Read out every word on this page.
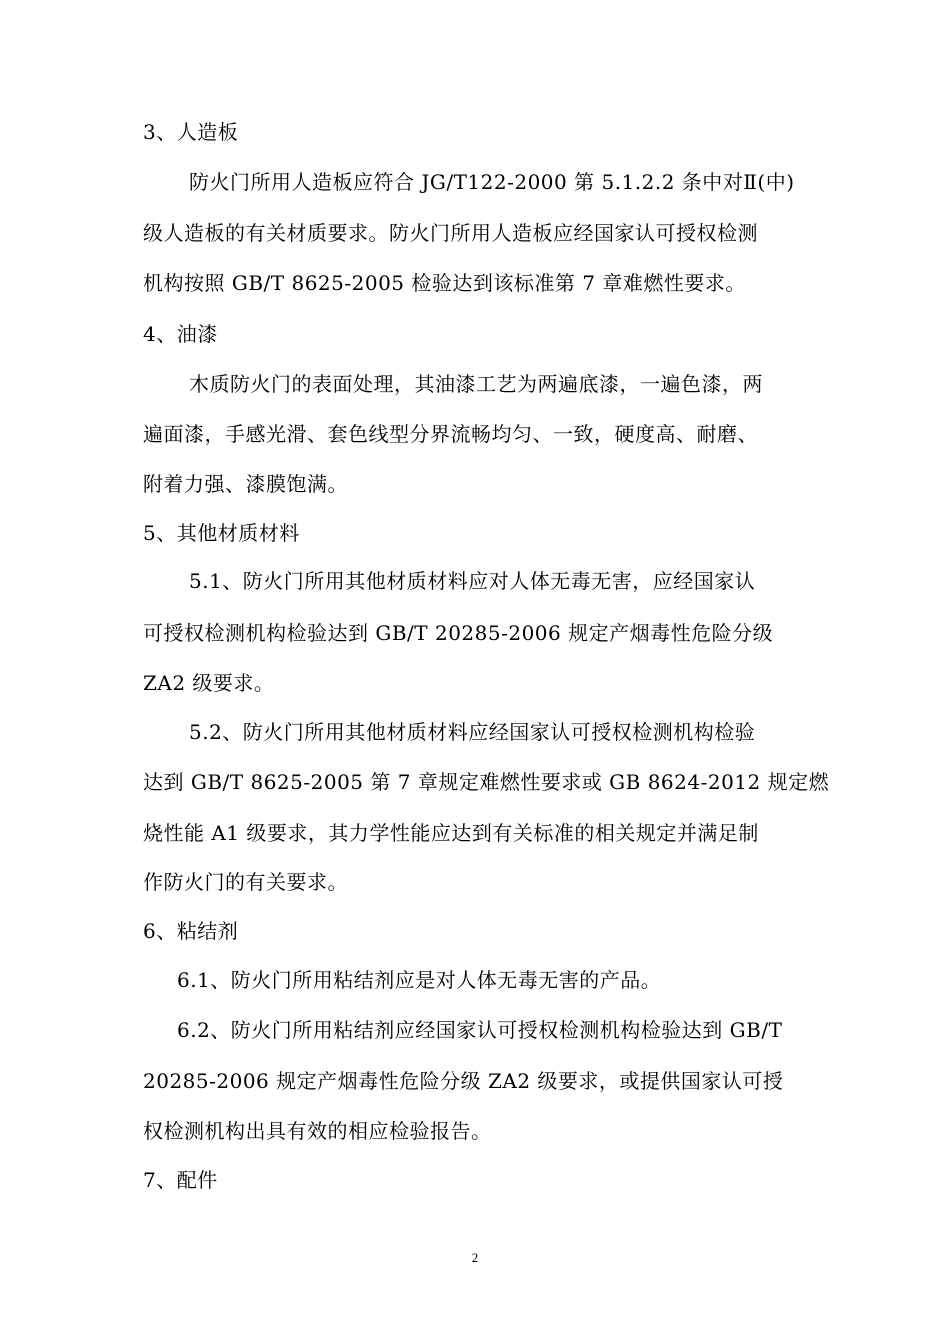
3、人造板
防火门所用人造板应符合 JG/T122-2000 第 5.1.2.2 条中对Ⅱ(中)
级人造板的有关材质要求。防火门所用人造板应经国家认可授权检测
机构按照 GB/T 8625-2005 检验达到该标准第 7 章难燃性要求。
4、油漆
木质防火门的表面处理，其油漆工艺为两遍底漆，一遍色漆，两
遍面漆，手感光滑、套色线型分界流畅均匀、一致，硬度高、耐磨、
附着力强、漆膜饱满。
5、其他材质材料
5.1、防火门所用其他材质材料应对人体无毒无害，应经国家认
可授权检测机构检验达到 GB/T 20285-2006 规定产烟毒性危险分级
ZA2 级要求。
5.2、防火门所用其他材质材料应经国家认可授权检测机构检验
达到 GB/T 8625-2005 第 7 章规定难燃性要求或 GB 8624-2012 规定燃
烧性能 A1 级要求，其力学性能应达到有关标准的相关规定并满足制
作防火门的有关要求。
6、粘结剂
6.1、防火门所用粘结剂应是对人体无毒无害的产品。
6.2、防火门所用粘结剂应经国家认可授权检测机构检验达到 GB/T
20285-2006 规定产烟毒性危险分级 ZA2 级要求，或提供国家认可授
权检测机构出具有效的相应检验报告。
7、配件
2
